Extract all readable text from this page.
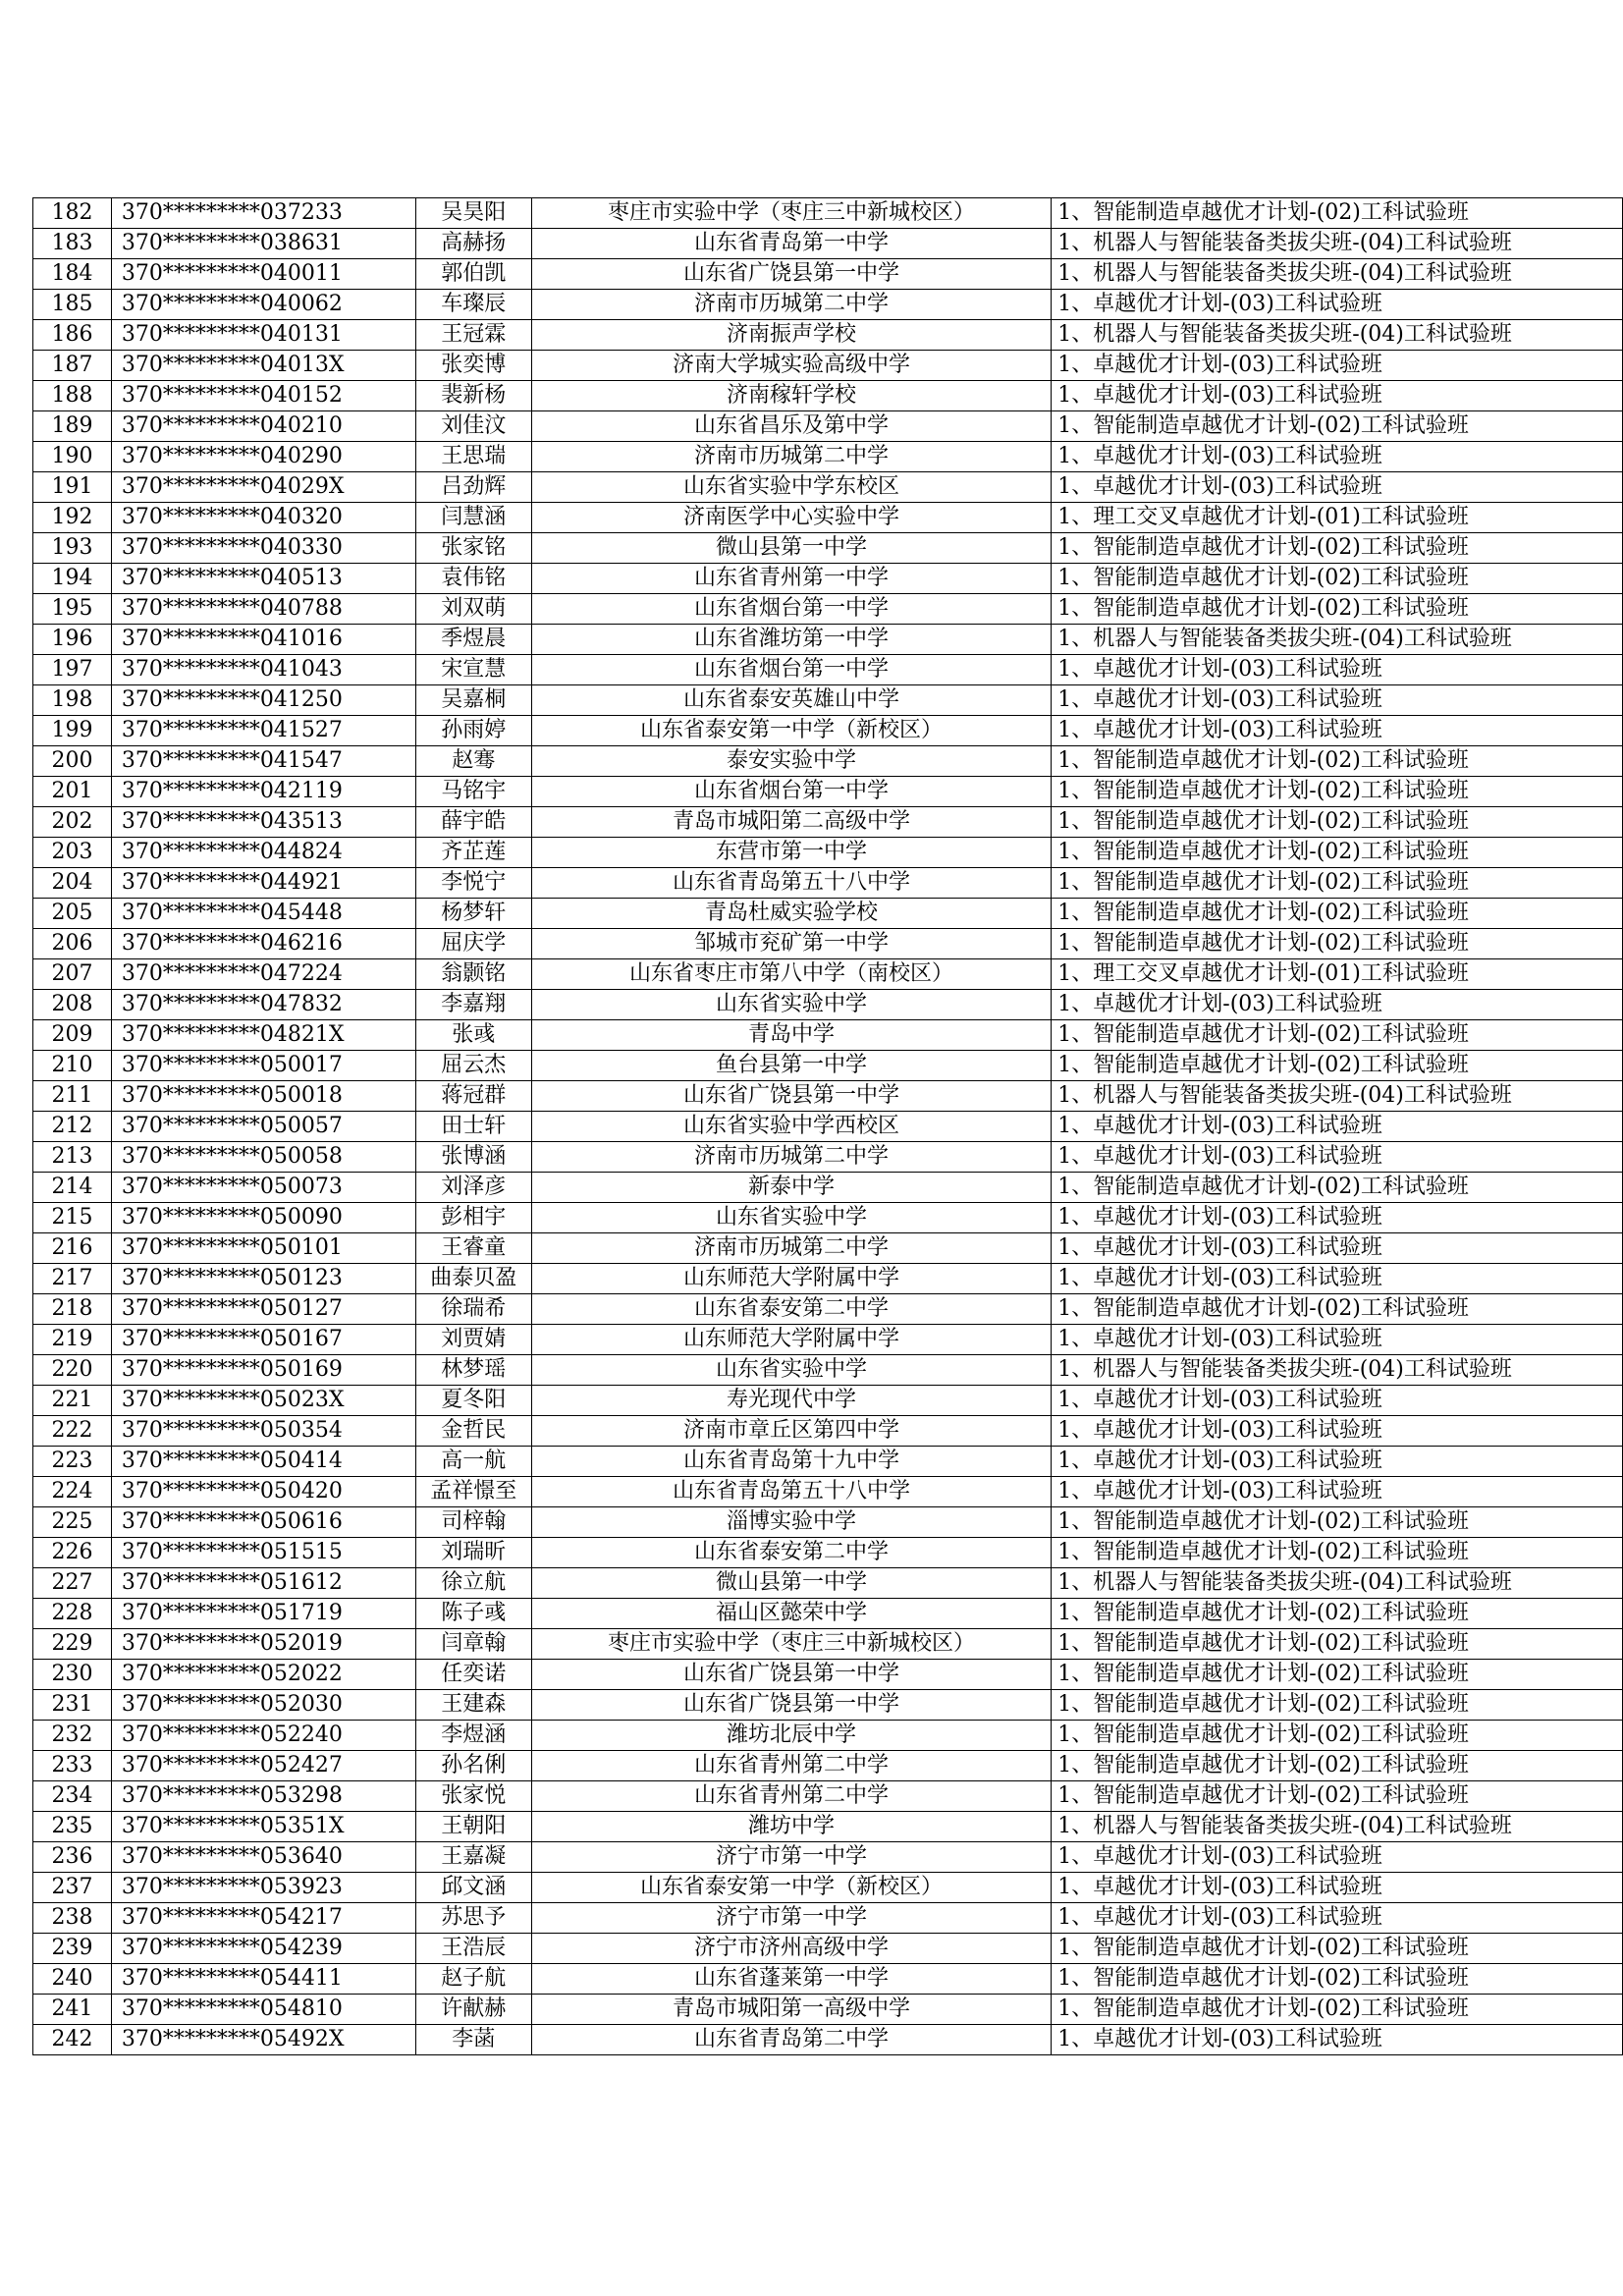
182	370*********037233	吴昊阳	枣庄市实验中学（枣庄三中新城校区）	1、智能制造卓越优才计划-(02)工科试验班
183	370*********038631	高赫扬	山东省青岛第一中学	1、机器人与智能装备类拔尖班-(04)工科试验班
184	370*********040011	郭伯凯	山东省广饶县第一中学	1、机器人与智能装备类拔尖班-(04)工科试验班
185	370*********040062	车璨辰	济南市历城第二中学	1、卓越优才计划-(03)工科试验班
186	370*********040131	王冠霖	济南振声学校	1、机器人与智能装备类拔尖班-(04)工科试验班
187	370*********04013X	张奕博	济南大学城实验高级中学	1、卓越优才计划-(03)工科试验班
188	370*********040152	裴新杨	济南稼轩学校	1、卓越优才计划-(03)工科试验班
189	370*********040210	刘佳汶	山东省昌乐及第中学	1、智能制造卓越优才计划-(02)工科试验班
190	370*********040290	王思瑞	济南市历城第二中学	1、卓越优才计划-(03)工科试验班
191	370*********04029X	吕劲辉	山东省实验中学东校区	1、卓越优才计划-(03)工科试验班
192	370*********040320	闫慧涵	济南医学中心实验中学	1、理工交叉卓越优才计划-(01)工科试验班
193	370*********040330	张家铭	微山县第一中学	1、智能制造卓越优才计划-(02)工科试验班
194	370*********040513	袁伟铭	山东省青州第一中学	1、智能制造卓越优才计划-(02)工科试验班
195	370*********040788	刘双萌	山东省烟台第一中学	1、智能制造卓越优才计划-(02)工科试验班
196	370*********041016	季煜晨	山东省潍坊第一中学	1、机器人与智能装备类拔尖班-(04)工科试验班
197	370*********041043	宋宣慧	山东省烟台第一中学	1、卓越优才计划-(03)工科试验班
198	370*********041250	吴嘉桐	山东省泰安英雄山中学	1、卓越优才计划-(03)工科试验班
199	370*********041527	孙雨婷	山东省泰安第一中学（新校区）	1、卓越优才计划-(03)工科试验班
200	370*********041547	赵骞	泰安实验中学	1、智能制造卓越优才计划-(02)工科试验班
201	370*********042119	马铭宇	山东省烟台第一中学	1、智能制造卓越优才计划-(02)工科试验班
202	370*********043513	薛宇皓	青岛市城阳第二高级中学	1、智能制造卓越优才计划-(02)工科试验班
203	370*********044824	齐芷莲	东营市第一中学	1、智能制造卓越优才计划-(02)工科试验班
204	370*********044921	李悦宁	山东省青岛第五十八中学	1、智能制造卓越优才计划-(02)工科试验班
205	370*********045448	杨梦轩	青岛杜威实验学校	1、智能制造卓越优才计划-(02)工科试验班
206	370*********046216	屈庆学	邹城市兖矿第一中学	1、智能制造卓越优才计划-(02)工科试验班
207	370*********047224	翁颢铭	山东省枣庄市第八中学（南校区）	1、理工交叉卓越优才计划-(01)工科试验班
208	370*********047832	李嘉翔	山东省实验中学	1、卓越优才计划-(03)工科试验班
209	370*********04821X	张彧	青岛中学	1、智能制造卓越优才计划-(02)工科试验班
210	370*********050017	屈云杰	鱼台县第一中学	1、智能制造卓越优才计划-(02)工科试验班
211	370*********050018	蒋冠群	山东省广饶县第一中学	1、机器人与智能装备类拔尖班-(04)工科试验班
212	370*********050057	田士轩	山东省实验中学西校区	1、卓越优才计划-(03)工科试验班
213	370*********050058	张博涵	济南市历城第二中学	1、卓越优才计划-(03)工科试验班
214	370*********050073	刘泽彦	新泰中学	1、智能制造卓越优才计划-(02)工科试验班
215	370*********050090	彭相宇	山东省实验中学	1、卓越优才计划-(03)工科试验班
216	370*********050101	王睿童	济南市历城第二中学	1、卓越优才计划-(03)工科试验班
217	370*********050123	曲泰贝盈	山东师范大学附属中学	1、卓越优才计划-(03)工科试验班
218	370*********050127	徐瑞希	山东省泰安第二中学	1、智能制造卓越优才计划-(02)工科试验班
219	370*********050167	刘贾婧	山东师范大学附属中学	1、卓越优才计划-(03)工科试验班
220	370*********050169	林梦瑶	山东省实验中学	1、机器人与智能装备类拔尖班-(04)工科试验班
221	370*********05023X	夏冬阳	寿光现代中学	1、卓越优才计划-(03)工科试验班
222	370*********050354	金哲民	济南市章丘区第四中学	1、卓越优才计划-(03)工科试验班
223	370*********050414	高一航	山东省青岛第十九中学	1、卓越优才计划-(03)工科试验班
224	370*********050420	孟祥憬至	山东省青岛第五十八中学	1、卓越优才计划-(03)工科试验班
225	370*********050616	司梓翰	淄博实验中学	1、智能制造卓越优才计划-(02)工科试验班
226	370*********051515	刘瑞昕	山东省泰安第二中学	1、智能制造卓越优才计划-(02)工科试验班
227	370*********051612	徐立航	微山县第一中学	1、机器人与智能装备类拔尖班-(04)工科试验班
228	370*********051719	陈子彧	福山区懿荣中学	1、智能制造卓越优才计划-(02)工科试验班
229	370*********052019	闫章翰	枣庄市实验中学（枣庄三中新城校区）	1、智能制造卓越优才计划-(02)工科试验班
230	370*********052022	任奕诺	山东省广饶县第一中学	1、智能制造卓越优才计划-(02)工科试验班
231	370*********052030	王建森	山东省广饶县第一中学	1、智能制造卓越优才计划-(02)工科试验班
232	370*********052240	李煜涵	潍坊北辰中学	1、智能制造卓越优才计划-(02)工科试验班
233	370*********052427	孙名俐	山东省青州第二中学	1、智能制造卓越优才计划-(02)工科试验班
234	370*********053298	张家悦	山东省青州第二中学	1、智能制造卓越优才计划-(02)工科试验班
235	370*********05351X	王朝阳	潍坊中学	1、机器人与智能装备类拔尖班-(04)工科试验班
236	370*********053640	王嘉凝	济宁市第一中学	1、卓越优才计划-(03)工科试验班
237	370*********053923	邱文涵	山东省泰安第一中学（新校区）	1、卓越优才计划-(03)工科试验班
238	370*********054217	苏思予	济宁市第一中学	1、卓越优才计划-(03)工科试验班
239	370*********054239	王浩辰	济宁市济州高级中学	1、智能制造卓越优才计划-(02)工科试验班
240	370*********054411	赵子航	山东省蓬莱第一中学	1、智能制造卓越优才计划-(02)工科试验班
241	370*********054810	许献赫	青岛市城阳第一高级中学	1、智能制造卓越优才计划-(02)工科试验班
242	370*********05492X	李菡	山东省青岛第二中学	1、卓越优才计划-(03)工科试验班
